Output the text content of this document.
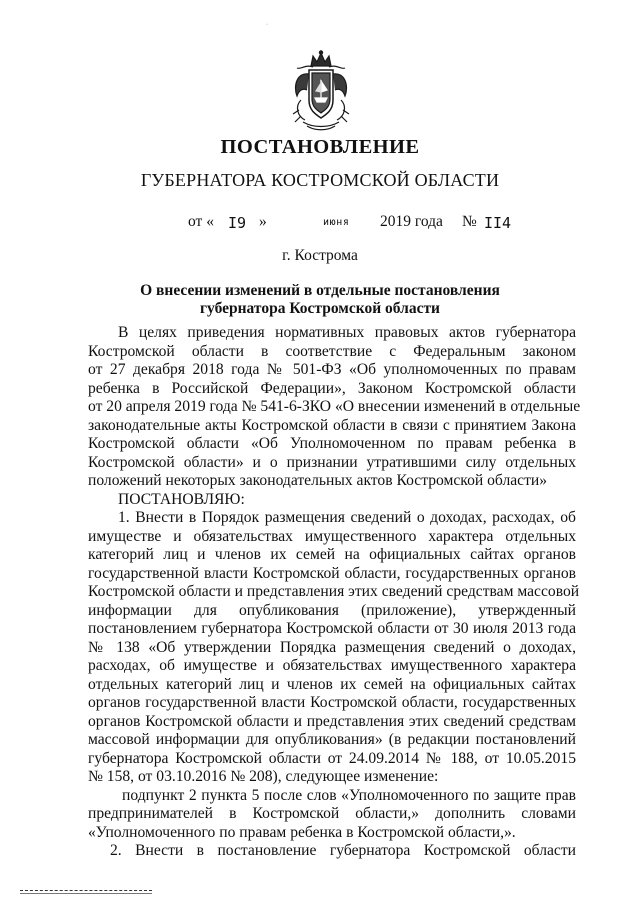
·
ПОСТАНОВЛЕНИЕ
ГУБЕРНАТОРА КОСТРОМСКОЙ ОБЛАСТИ
от « I9 »	июня 2019 года № II4
г. Кострома
О внесении изменений в отдельные постановления
губернатора Костромской области
В целях приведения нормативных правовых актов губернатора
Костромской области в соответствие с Федеральным законом
от 27 декабря 2018 года № 501-ФЗ «Об уполномоченных по правам
ребенка в Российской Федерации», Законом Костромской области
от 20 апреля 2019 года № 541-6-ЗКО «О внесении изменений в отдельные
законодательные акты Костромской области в связи с принятием Закона
Костромской области «Об Уполномоченном по правам ребенка в
Костромской области» и о признании утратившими силу отдельных
положений некоторых законодательных актов Костромской области»
ПОСТАНОВЛЯЮ:
1. Внести в Порядок размещения сведений о доходах, расходах, об
имуществе и обязательствах имущественного характера отдельных
категорий лиц и членов их семей на официальных сайтах органов
государственной власти Костромской области, государственных органов
Костромской области и представления этих сведений средствам массовой
информации для опубликования (приложение), утвержденный
постановлением губернатора Костромской области от 30 июля 2013 года
№ 138 «Об утверждении Порядка размещения сведений о доходах,
расходах, об имуществе и обязательствах имущественного характера
отдельных категорий лиц и членов их семей на официальных сайтах
органов государственной власти Костромской области, государственных
органов Костромской области и представления этих сведений средствам
массовой информации для опубликования» (в редакции постановлений
губернатора Костромской области от 24.09.2014 № 188, от 10.05.2015
№ 158, от 03.10.2016 № 208), следующее изменение:
подпункт 2 пункта 5 после слов «Уполномоченного по защите прав
предпринимателей в Костромской области,» дополнить словами
«Уполномоченного по правам ребенка в Костромской области,».
2. Внести в постановление губернатора Костромской области
